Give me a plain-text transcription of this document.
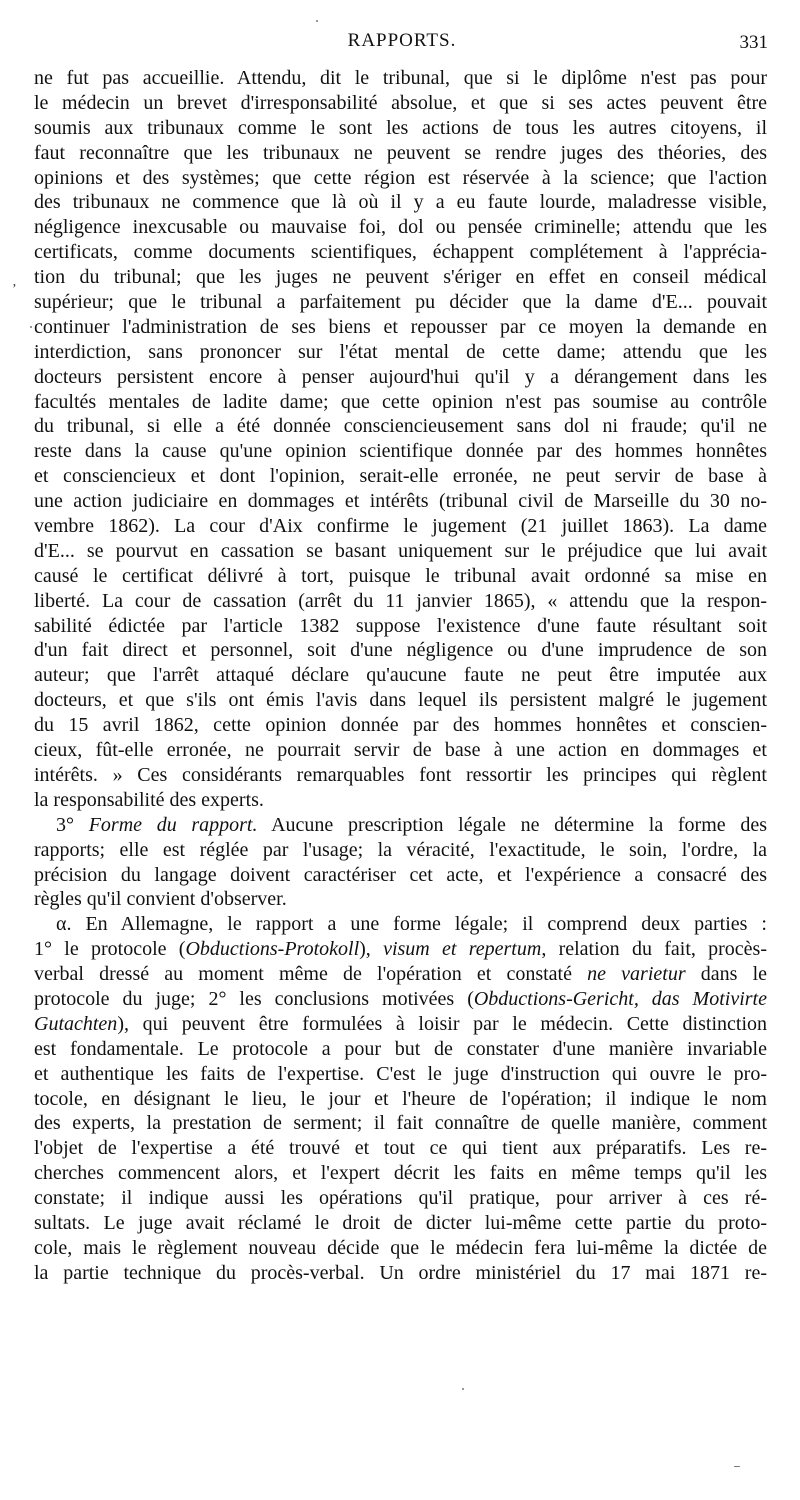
RAPPORTS.	331
ʼ
ne fut pas accueillie. Attendu, dit le tribunal, que si le diplôme n'est pas pour
le médecin un brevet d'irresponsabilité absolue, et que si ses actes peuvent être
soumis aux tribunaux comme le sont les actions de tous les autres citoyens, il
faut reconnaître que les tribunaux ne peuvent se rendre juges des théories, des
opinions et des systèmes; que cette région est réservée à la science; que l'action
des tribunaux ne commence que là où il y a eu faute lourde, maladresse visible,
négligence inexcusable ou mauvaise foi, dol ou pensée criminelle; attendu que les
certificats, comme documents scientifiques, échappent complétement à l'apprécia-
tion du tribunal; que les juges ne peuvent s'ériger en effet en conseil médical
supérieur; que le tribunal a parfaitement pu décider que la dame d'E... pouvait
continuer l'administration de ses biens et repousser par ce moyen la demande en
interdiction, sans prononcer sur l'état mental de cette dame; attendu que les
docteurs persistent encore à penser aujourd'hui qu'il y a dérangement dans les
facultés mentales de ladite dame; que cette opinion n'est pas soumise au contrôle
du tribunal, si elle a été donnée consciencieusement sans dol ni fraude; qu'il ne
reste dans la cause qu'une opinion scientifique donnée par des hommes honnêtes
et consciencieux et dont l'opinion, serait-elle erronée, ne peut servir de base à
une action judiciaire en dommages et intérêts (tribunal civil de Marseille du 30 no-
vembre 1862). La cour d'Aix confirme le jugement (21 juillet 1863). La dame
d'E... se pourvut en cassation se basant uniquement sur le préjudice que lui avait
causé le certificat délivré à tort, puisque le tribunal avait ordonné sa mise en
liberté. La cour de cassation (arrêt du 11 janvier 1865), « attendu que la respon-
sabilité édictée par l'article 1382 suppose l'existence d'une faute résultant soit
d'un fait direct et personnel, soit d'une négligence ou d'une imprudence de son
auteur; que l'arrêt attaqué déclare qu'aucune faute ne peut être imputée aux
docteurs, et que s'ils ont émis l'avis dans lequel ils persistent malgré le jugement
du 15 avril 1862, cette opinion donnée par des hommes honnêtes et conscien-
cieux, fût-elle erronée, ne pourrait servir de base à une action en dommages et
intérêts. » Ces considérants remarquables font ressortir les principes qui règlent
la responsabilité des experts.
3° Forme du rapport. Aucune prescription légale ne détermine la forme des
rapports; elle est réglée par l'usage; la véracité, l'exactitude, le soin, l'ordre, la
précision du langage doivent caractériser cet acte, et l'expérience a consacré des
règles qu'il convient d'observer.
α. En Allemagne, le rapport a une forme légale; il comprend deux parties :
1° le protocole (Obductions-Protokoll), visum et repertum, relation du fait, procès-
verbal dressé au moment même de l'opération et constaté ne varietur dans le
protocole du juge; 2° les conclusions motivées (Obductions-Gericht, das Motivirte
Gutachten), qui peuvent être formulées à loisir par le médecin. Cette distinction
est fondamentale. Le protocole a pour but de constater d'une manière invariable
et authentique les faits de l'expertise. C'est le juge d'instruction qui ouvre le pro-
tocole, en désignant le lieu, le jour et l'heure de l'opération; il indique le nom
des experts, la prestation de serment; il fait connaître de quelle manière, comment
l'objet de l'expertise a été trouvé et tout ce qui tient aux préparatifs. Les re-
cherches commencent alors, et l'expert décrit les faits en même temps qu'il les
constate; il indique aussi les opérations qu'il pratique, pour arriver à ces ré-
sultats. Le juge avait réclamé le droit de dicter lui-même cette partie du proto-
cole, mais le règlement nouveau décide que le médecin fera lui-même la dictée de
la partie technique du procès-verbal. Un ordre ministériel du 17 mai 1871 re-
